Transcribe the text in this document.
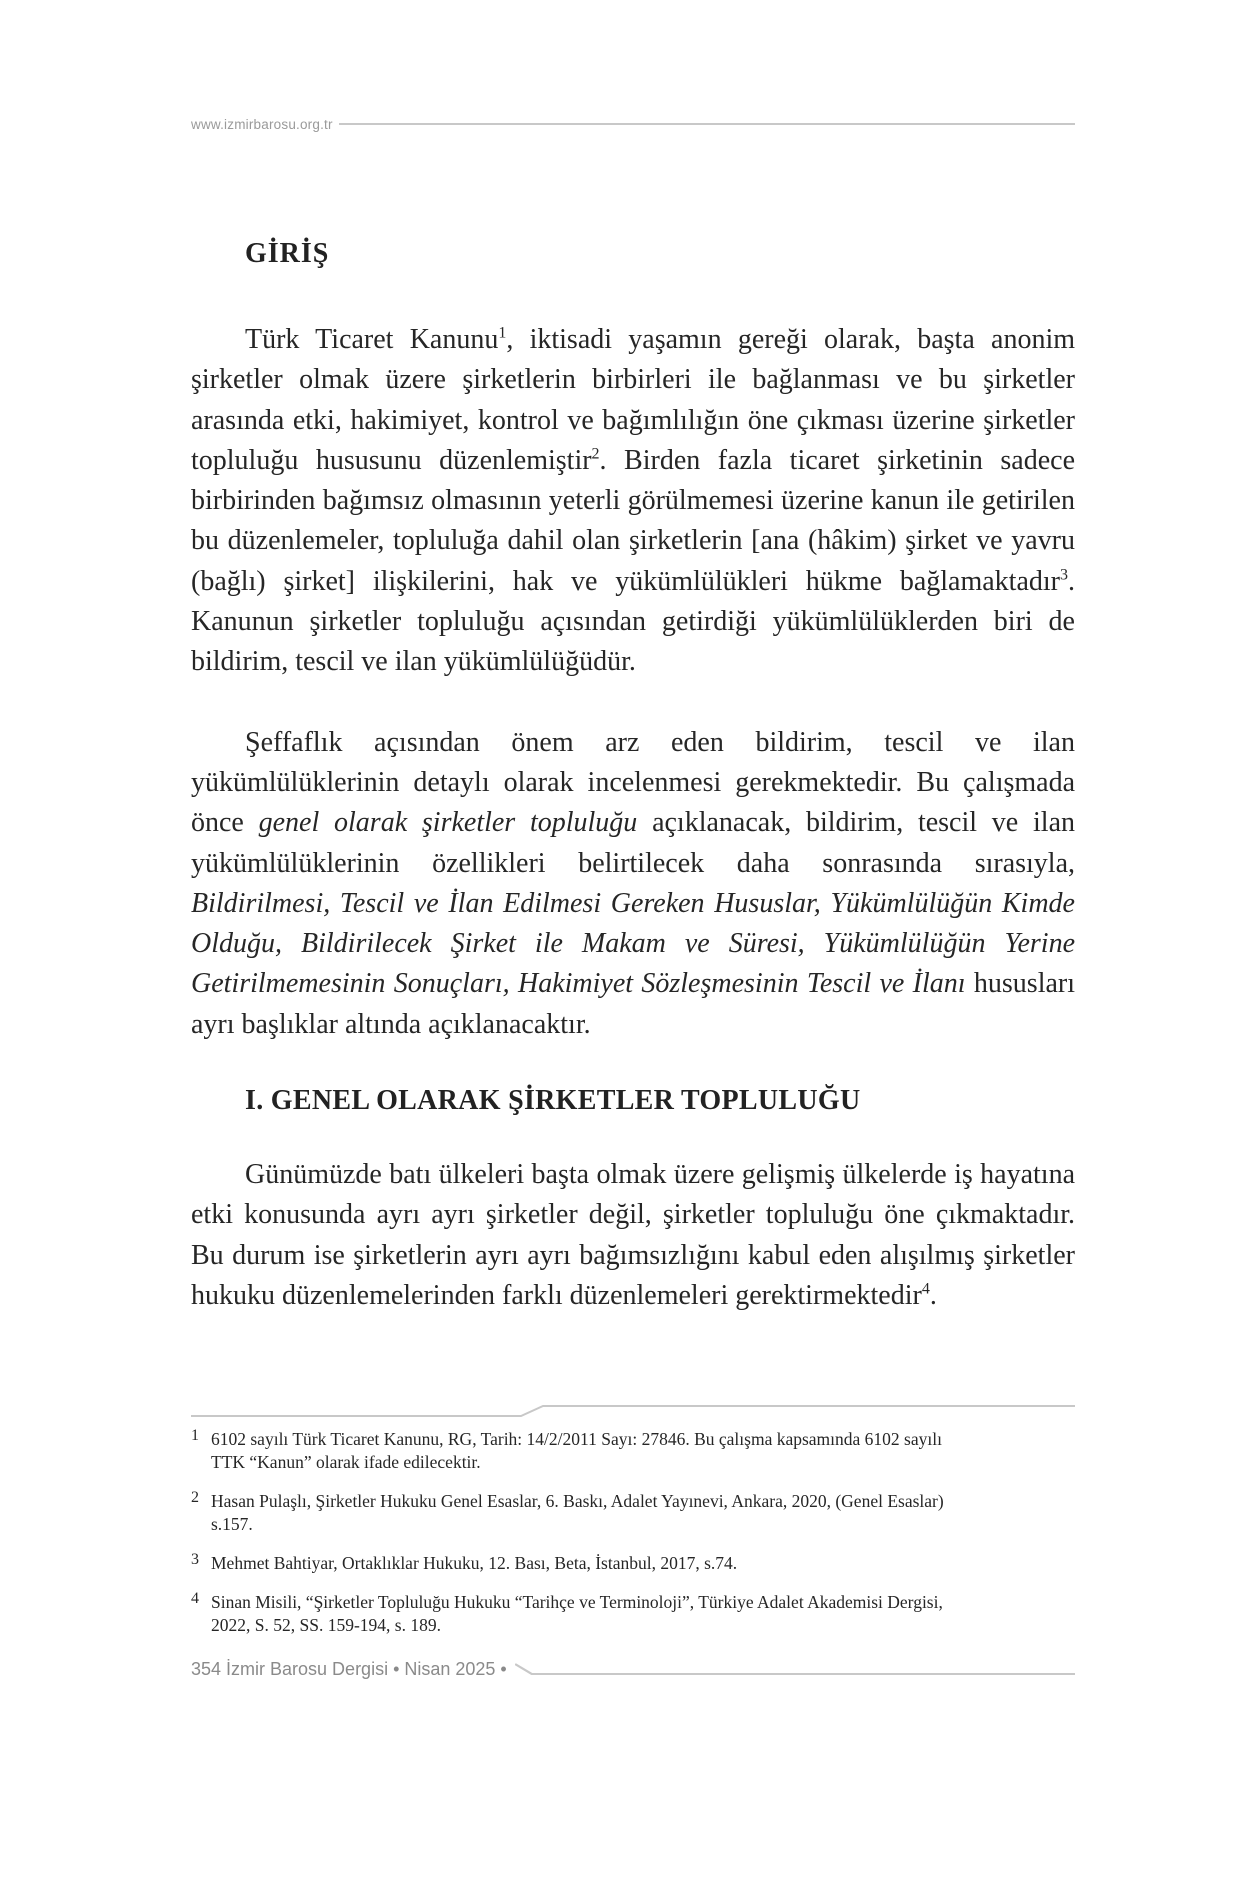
www.izmirbarosu.org.tr
GİRİŞ

Türk Ticaret Kanunu$^1$, iktisadi yaşamın gereği olarak, başta anonim şirketler olmak üzere şirketlerin birbirleri ile bağlanması ve bu şirketler arasında etki, hakimiyet, kontrol ve bağımlılığın öne çıkması üzerine şirketler topluluğu hususunu düzenlemiştir$^2$. Birden fazla ticaret şirketinin sadece birbirinden bağımsız olmasının yeterli görülmemesi üzerine kanun ile getirilen bu düzenlemeler, topluluğa dahil olan şirketlerin [ana (hâkim) şirket ve yavru (bağlı) şirket] ilişkilerini, hak ve yükümlülükleri hükme bağlamaktadır$^3$. Kanunun şirketler topluluğu açısından getirdiği yükümlülüklerden biri de bildirim, tescil ve ilan yükümlülüğüdür.

Şeffaflık açısından önem arz eden bildirim, tescil ve ilan yükümlülüklerinin detaylı olarak incelenmesi gerekmektedir. Bu çalışmada önce genel olarak şirketler topluluğu açıklanacak, bildirim, tescil ve ilan yükümlülüklerinin özellikleri belirtilecek daha sonrasında sırasıyla, Bildirilmesi, Tescil ve İlan Edilmesi Gereken Hususlar, Yükümlülüğün Kimde Olduğu, Bildirilecek Şirket ile Makam ve Süresi, Yükümlülüğün Yerine Getirilmemesinin Sonuçları, Hakimiyet Sözleşmesinin Tescil ve İlanı hususları ayrı başlıklar altında açıklanacaktır.

I. GENEL OLARAK ŞİRKETLER TOPLULUĞU

Günümüzde batı ülkeleri başta olmak üzere gelişmiş ülkelerde iş hayatına etki konusunda ayrı ayrı şirketler değil, şirketler topluluğu öne çıkmaktadır. Bu durum ise şirketlerin ayrı ayrı bağımsızlığını kabul eden alışılmış şirketler hukuku düzenlemelerinden farklı düzenlemeleri gerektirmektedir$^4$.

1 6102 sayılı Türk Ticaret Kanunu, RG, Tarih: 14/2/2011 Sayı: 27846. Bu çalışma kapsamında 6102 sayılı
TTK “Kanun” olarak ifade edilecektir.
2 Hasan Pulaşlı, Şirketler Hukuku Genel Esaslar, 6. Baskı, Adalet Yayınevi, Ankara, 2020, (Genel Esaslar)
s.157.
3 Mehmet Bahtiyar, Ortaklıklar Hukuku, 12. Bası, Beta, İstanbul, 2017, s.74.
4 Sinan Misili, “Şirketler Topluluğu Hukuku “Tarihçe ve Terminoloji”, Türkiye Adalet Akademisi Dergisi,
2022, S. 52, SS. 159-194, s. 189.
354 İzmir Barosu Dergisi • Nisan 2025 •
